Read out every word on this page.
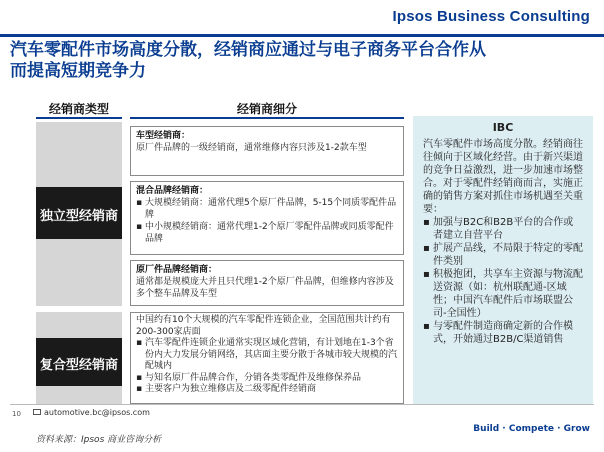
Ipsos Business Consulting
汽车零配件市场高度分散，经销商应通过与电子商务平台合作从
而提高短期竞争力
经销商类型	经销商细分
独立型经销商
车型经销商：
原厂件品牌的一级经销商，通常维修内容只涉及1-2款车型
混合品牌经销商：
▪ 大规模经销商：通常代理5个原厂件品牌，5-15个同质零配件品牌
▪ 中小规模经销商：通常代理1-2个原厂零配件品牌或同质零配件品牌
原厂件品牌经销商：
通常都是规模庞大并且只代理1-2个原厂件品牌，但维修内容涉及多个整车品牌及车型
复合型经销商
中国约有10个大规模的汽车零配件连锁企业，全国范围共计约有200-300家店面
▪ 汽车零配件连锁企业通常实现区域化营销，有计划地在1-3个省份内大力发展分销网络，其店面主要分散于各城市较大规模的汽配城内
▪ 与知名原厂件品牌合作，分销各类零配件及维修保养品
▪ 主要客户为独立维修店及二级零配件经销商
IBC
汽车零配件市场高度分散。经销商往往倾向于区域化经营。由于新兴渠道的竞争日益激烈，进一步加速市场整合。对于零配件经销商而言，实施正确的销售方案对抓住市场机遇至关重要：
▪ 加强与B2C和B2B平台的合作或者建立自营平台
▪ 扩展产品线，不局限于特定的零配件类别
▪ 积极抱团，共享车主资源与物流配送资源（如：杭州联配通-区域性；中国汽车配件后市场联盟公司-全国性）
▪ 与零配件制造商确定新的合作模式，开始通过B2B/C渠道销售
10	automotive.bc@ipsos.com
Build · Compete · Grow
资料来源：Ipsos 商业咨询分析
